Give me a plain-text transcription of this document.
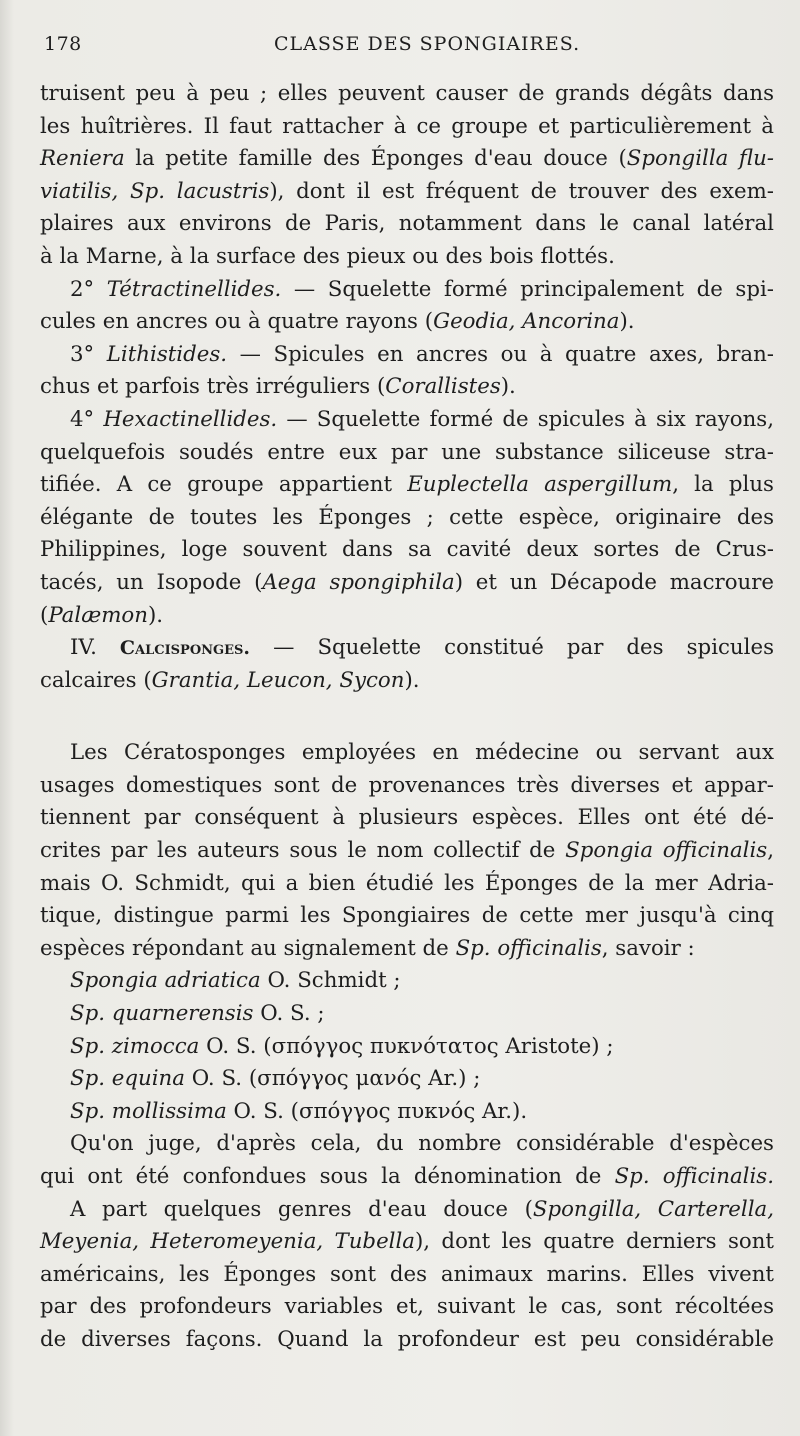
178	CLASSE DES SPONGIAIRES.
truisent peu à peu ; elles peuvent causer de grands dégâts dans
les huîtrières. Il faut rattacher à ce groupe et particulièrement à
Reniera la petite famille des Éponges d'eau douce (Spongilla flu-
viatilis, Sp. lacustris), dont il est fréquent de trouver des exem-
plaires aux environs de Paris, notamment dans le canal latéral
à la Marne, à la surface des pieux ou des bois flottés.
2° Tétractinellides. — Squelette formé principalement de spi-
cules en ancres ou à quatre rayons (Geodia, Ancorina).
3° Lithistides. — Spicules en ancres ou à quatre axes, bran-
chus et parfois très irréguliers (Corallistes).
4° Hexactinellides. — Squelette formé de spicules à six rayons,
quelquefois soudés entre eux par une substance siliceuse stra-
tifiée. A ce groupe appartient Euplectella aspergillum, la plus
élégante de toutes les Éponges ; cette espèce, originaire des
Philippines, loge souvent dans sa cavité deux sortes de Crus-
tacés, un Isopode (Aega spongiphila) et un Décapode macroure
(Palæmon).
IV. Calcisponges. — Squelette constitué par des spicules
calcaires (Grantia, Leucon, Sycon).
Les Cératosponges employées en médecine ou servant aux
usages domestiques sont de provenances très diverses et appar-
tiennent par conséquent à plusieurs espèces. Elles ont été dé-
crites par les auteurs sous le nom collectif de Spongia officinalis,
mais O. Schmidt, qui a bien étudié les Éponges de la mer Adria-
tique, distingue parmi les Spongiaires de cette mer jusqu'à cinq
espèces répondant au signalement de Sp. officinalis, savoir :
Spongia adriatica O. Schmidt ;
Sp. quarnerensis O. S. ;
Sp. zimocca O. S. (σπόγγος πυκνότατος Aristote) ;
Sp. equina O. S. (σπόγγος μανός Ar.) ;
Sp. mollissima O. S. (σπόγγος πυκνός Ar.).
Qu'on juge, d'après cela, du nombre considérable d'espèces
qui ont été confondues sous la dénomination de Sp. officinalis.
A part quelques genres d'eau douce (Spongilla, Carterella,
Meyenia, Heteromeyenia, Tubella), dont les quatre derniers sont
américains, les Éponges sont des animaux marins. Elles vivent
par des profondeurs variables et, suivant le cas, sont récoltées
de diverses façons. Quand la profondeur est peu considérable
